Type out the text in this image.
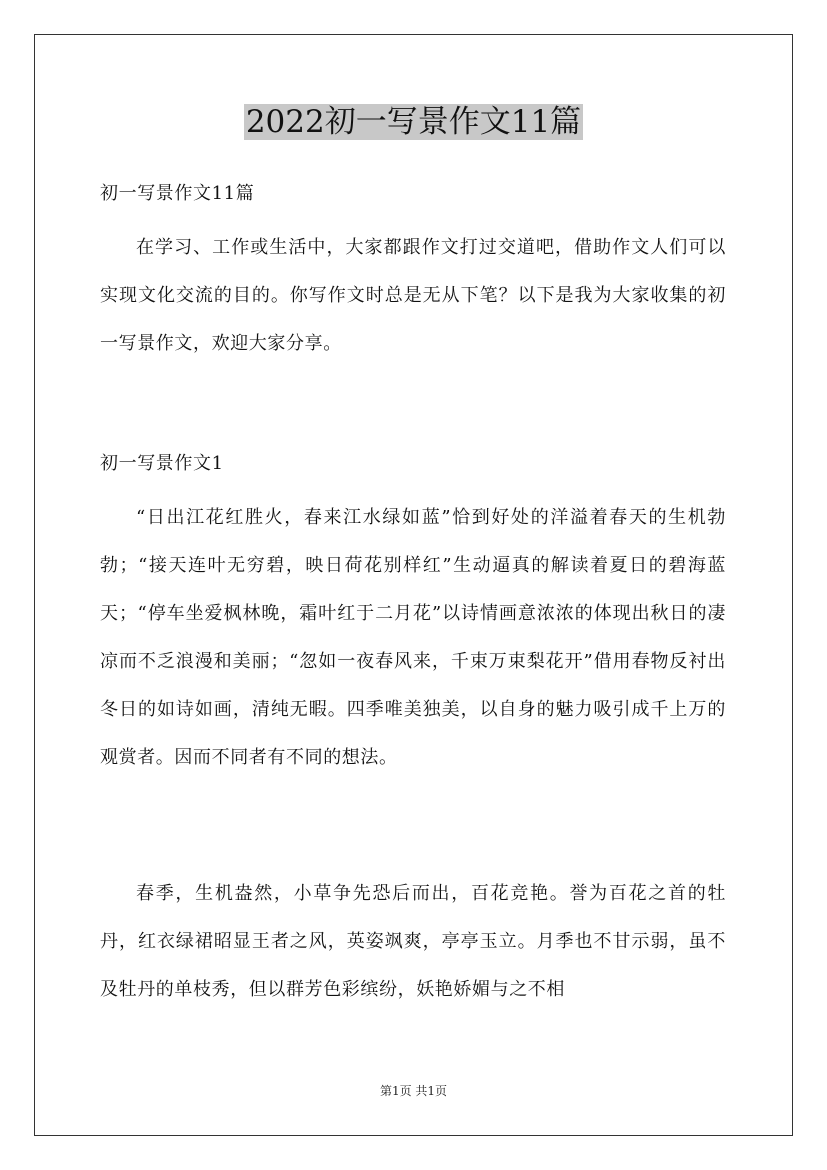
2022初一写景作文11篇
初一写景作文11篇

在学习、工作或生活中，大家都跟作文打过交道吧，借助作文人们可以实现文化交流的目的。你写作文时总是无从下笔？以下是我为大家收集的初一写景作文，欢迎大家分享。

初一写景作文1

“日出江花红胜火，春来江水绿如蓝”恰到好处的洋溢着春天的生机勃勃；“接天连叶无穷碧，映日荷花别样红”生动逼真的解读着夏日的碧海蓝天；“停车坐爱枫林晚，霜叶红于二月花”以诗情画意浓浓的体现出秋日的凄凉而不乏浪漫和美丽；“忽如一夜春风来，千束万束梨花开”借用春物反衬出冬日的如诗如画，清纯无暇。四季唯美独美，以自身的魅力吸引成千上万的观赏者。因而不同者有不同的想法。

春季，生机盎然，小草争先恐后而出，百花竞艳。誉为百花之首的牡丹，红衣绿裙昭显王者之风，英姿飒爽，亭亭玉立。月季也不甘示弱，虽不及牡丹的单枝秀，但以群芳色彩缤纷，妖艳娇媚与之不相

第1页 共1页
